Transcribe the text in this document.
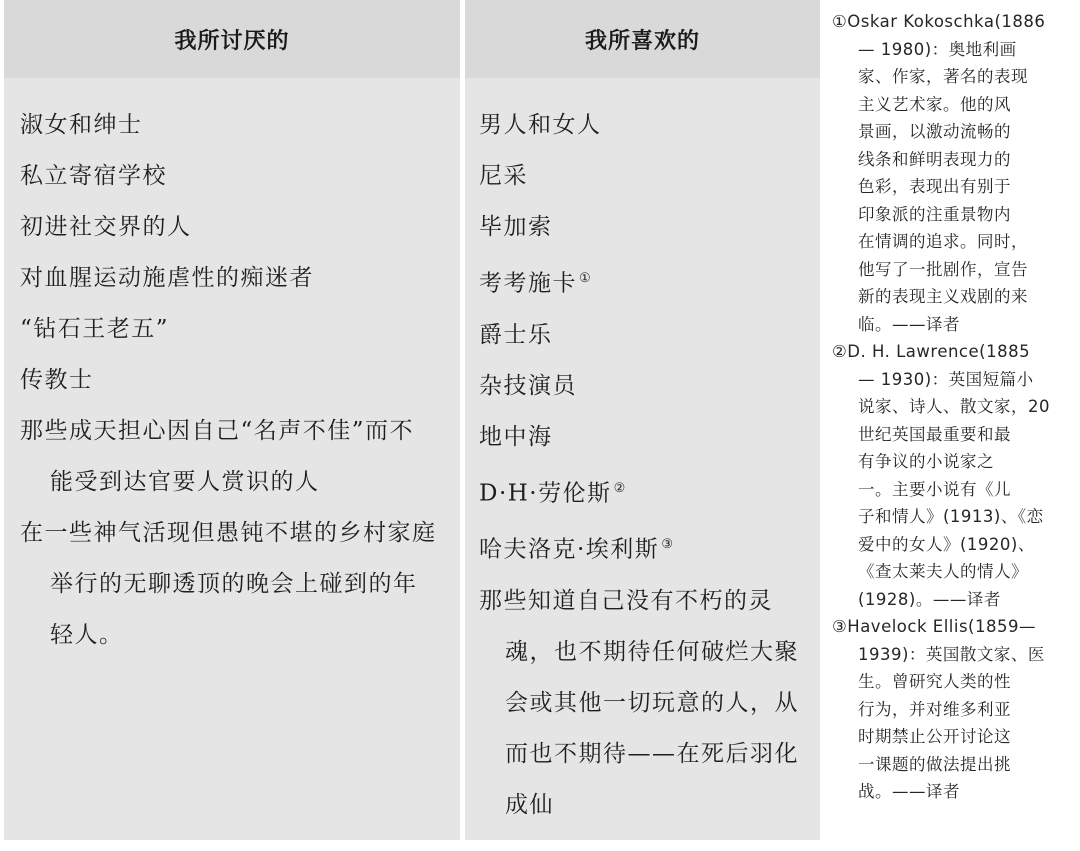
我所讨厌的
淑女和绅士
私立寄宿学校
初进社交界的人
对血腥运动施虐性的痴迷者
“钻石王老五”
传教士
那些成天担心因自己“名声不佳”而不
能受到达官要人赏识的人
在一些神气活现但愚钝不堪的乡村家庭
举行的无聊透顶的晚会上碰到的年
轻人。
我所喜欢的
男人和女人
尼采
毕加索
考考施卡 ①
爵士乐
杂技演员
地中海
D·H·劳伦斯 ②
哈夫洛克·埃利斯 ③
那些知道自己没有不朽的灵
魂，也不期待任何破烂大聚
会或其他一切玩意的人，从
而也不期待——在死后羽化
成仙
①Oskar Kokoschka(1886
— 1980)：奥地利画
家、作家，著名的表现
主义艺术家。他的风
景画，以激动流畅的
线条和鲜明表现力的
色彩，表现出有别于
印象派的注重景物内
在情调的追求。同时，
他写了一批剧作，宣告
新的表现主义戏剧的来
临。——译者
②D. H. Lawrence(1885
— 1930)：英国短篇小
说家、诗人、散文家，20
世纪英国最重要和最
有争议的小说家之
一。主要小说有《儿
子和情人》(1913)、《恋
爱中的女人》(1920)、
《查太莱夫人的情人》
(1928)。——译者
③Havelock Ellis(1859—
1939)：英国散文家、医
生。曾研究人类的性
行为，并对维多利亚
时期禁止公开讨论这
一课题的做法提出挑
战。——译者
